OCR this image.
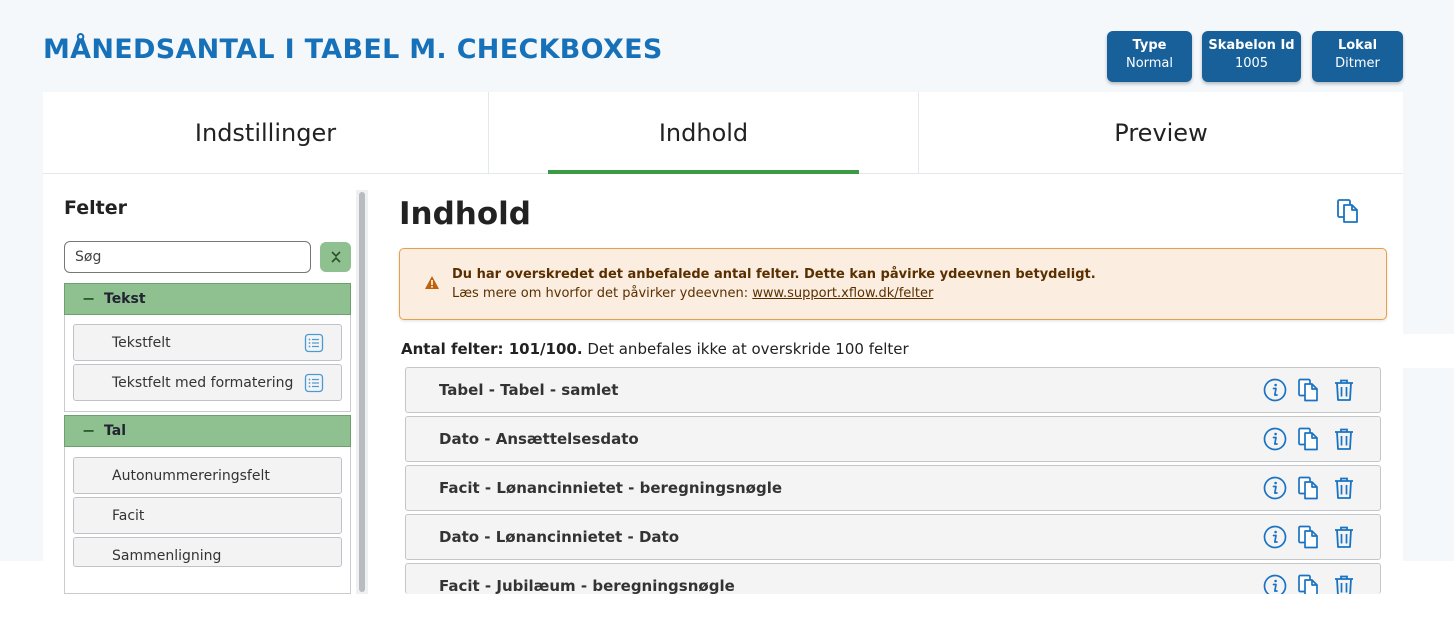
MÅNEDSANTAL I TABEL M. CHECKBOXES	Type
Normal
Skabelon Id
1005
Lokal
Ditmer
Indstillinger	Indhold	Preview
Felter
Søg
− Tekst
Tekstfelt
Tekstfelt med formatering
− Tal
Autonummereringsfelt
Facit
Sammenligning
Indhold
Du har overskredet det anbefalede antal felter. Dette kan påvirke ydeevnen betydeligt.
Læs mere om hvorfor det påvirker ydeevnen: www.support.xflow.dk/felter
Antal felter: 101/100. Det anbefales ikke at overskride 100 felter
Tabel - Tabel - samlet
Dato - Ansættelsesdato
Facit - Lønancinnietet - beregningsnøgle
Dato - Lønancinnietet - Dato
Facit - Jubilæum - beregningsnøgle
